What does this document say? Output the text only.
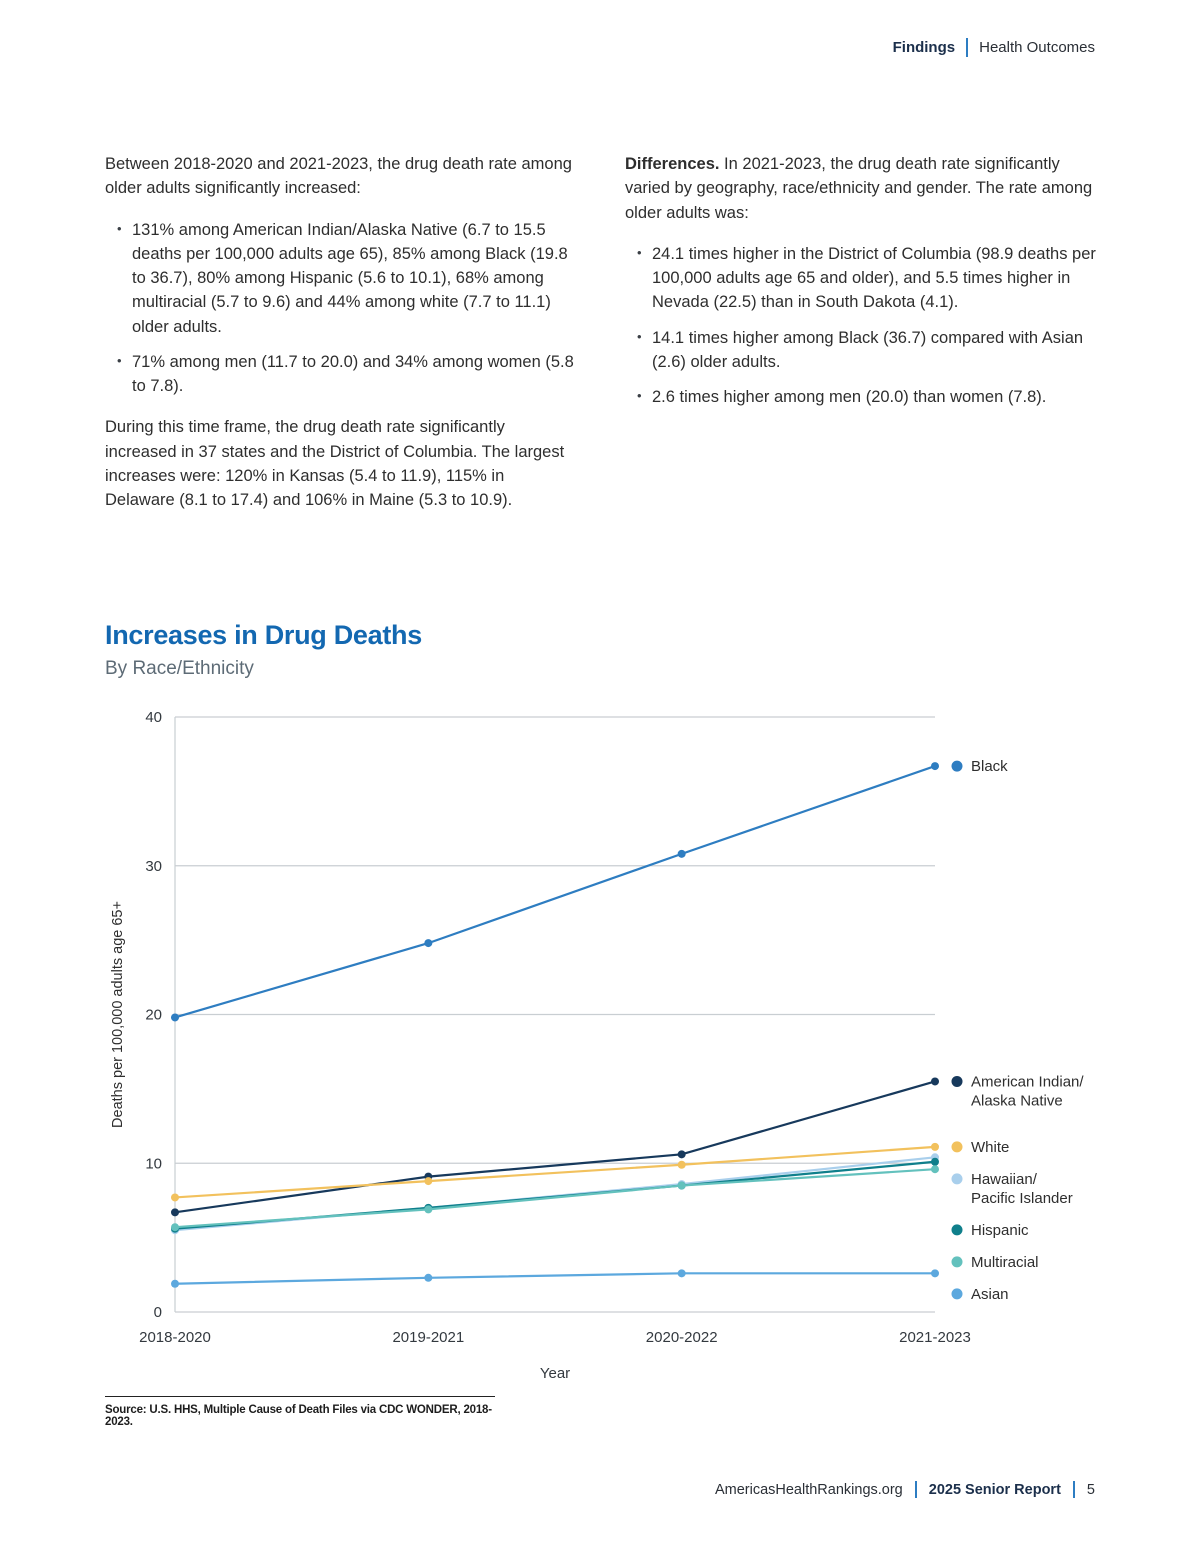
Findings Health Outcomes

Between 2018-2020 and 2021-2023, the drug death rate among older adults significantly increased:

• 131% among American Indian/Alaska Native (6.7 to 15.5 deaths per 100,000 adults age 65), 85% among Black (19.8 to 36.7), 80% among Hispanic (5.6 to 10.1), 68% among multiracial (5.7 to 9.6) and 44% among white (7.7 to 11.1) older adults.
• 71% among men (11.7 to 20.0) and 34% among women (5.8 to 7.8).

During this time frame, the drug death rate significantly increased in 37 states and the District of Columbia. The largest increases were: 120% in Kansas (5.4 to 11.9), 115% in Delaware (8.1 to 17.4) and 106% in Maine (5.3 to 10.9).

Differences. In 2021-2023, the drug death rate significantly varied by geography, race/ethnicity and gender. The rate among older adults was:

• 24.1 times higher in the District of Columbia (98.9 deaths per 100,000 adults age 65 and older), and 5.5 times higher in Nevada (22.5) than in South Dakota (4.1).
• 14.1 times higher among Black (36.7) compared with Asian (2.6) older adults.
• 2.6 times higher among men (20.0) than women (7.8).
Increases in Drug Deaths
By Race/Ethnicity
0
10
20
30
40
2018-2020	2019-2021	2020-2022	2021-2023
Black
American Indian/
Alaska Native
White
Hawaiian/
Pacific Islander
Hispanic
Multiracial
Asian
Year
Deaths per 100,000 adults age 65+
Source: U.S. HHS, Multiple Cause of Death Files via CDC WONDER, 2018-2023.
AmericasHealthRankings.org 2025 Senior Report 5
